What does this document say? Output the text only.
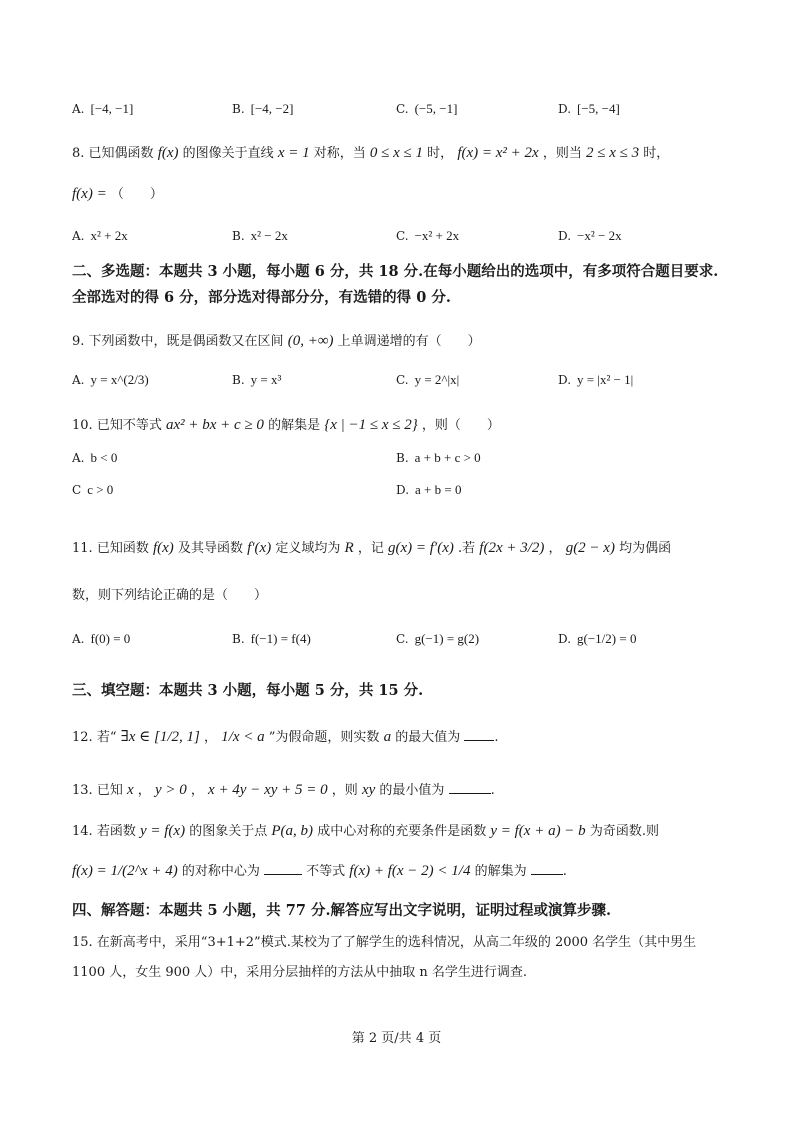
A. [−4, −1]	B. [−4, −2]	C. (−5, −1]	D. [−5, −4]
8. 已知偶函数 f(x) 的图像关于直线 x = 1 对称，当 0 ≤ x ≤ 1 时， f(x) = x² + 2x ，则当 2 ≤ x ≤ 3 时，
f(x) = （　　）
A. x² + 2x	B. x² − 2x	C. −x² + 2x	D. −x² − 2x
二、多选题：本题共 3 小题，每小题 6 分，共 18 分.在每小题给出的选项中，有多项符合题目要求.全部选对的得 6 分，部分选对得部分分，有选错的得 0 分.
9. 下列函数中，既是偶函数又在区间 (0, +∞) 上单调递增的有（　　）
A. y = x^(2/3)	B. y = x³	C. y = 2^|x|	D. y = |x² − 1|
10. 已知不等式 ax² + bx + c ≥ 0 的解集是 {x | −1 ≤ x ≤ 2} ，则（　　）
A. b < 0	B. a + b + c > 0
C c > 0	D. a + b = 0
11. 已知函数 f(x) 及其导函数 f′(x) 定义域均为 R ，记 g(x) = f′(x) .若 f(2x + 3/2) ， g(2 − x) 均为偶函
数，则下列结论正确的是（　　）
A. f(0) = 0	B. f(−1) = f(4)	C. g(−1) = g(2)	D. g(−1/2) = 0
三、填空题：本题共 3 小题，每小题 5 分，共 15 分.
12. 若“ ∃x ∈ [1/2, 1] ， 1/x < a ”为假命题，则实数 a 的最大值为	.
13. 已知 x ， y > 0 ， x + 4y − xy + 5 = 0 ，则 xy 的最小值为	.
14. 若函数 y = f(x) 的图象关于点 P(a, b) 成中心对称的充要条件是函数 y = f(x + a) − b 为奇函数.则
f(x) = 1/(2^x + 4) 的对称中心为	不等式 f(x) + f(x − 2) < 1/4 的解集为	.
四、解答题：本题共 5 小题，共 77 分.解答应写出文字说明，证明过程或演算步骤.
15. 在新高考中，采用“3+1+2”模式.某校为了了解学生的选科情况，从高二年级的 2000 名学生（其中男生 1100 人，女生 900 人）中，采用分层抽样的方法从中抽取 n 名学生进行调查.
第 2 页/共 4 页
